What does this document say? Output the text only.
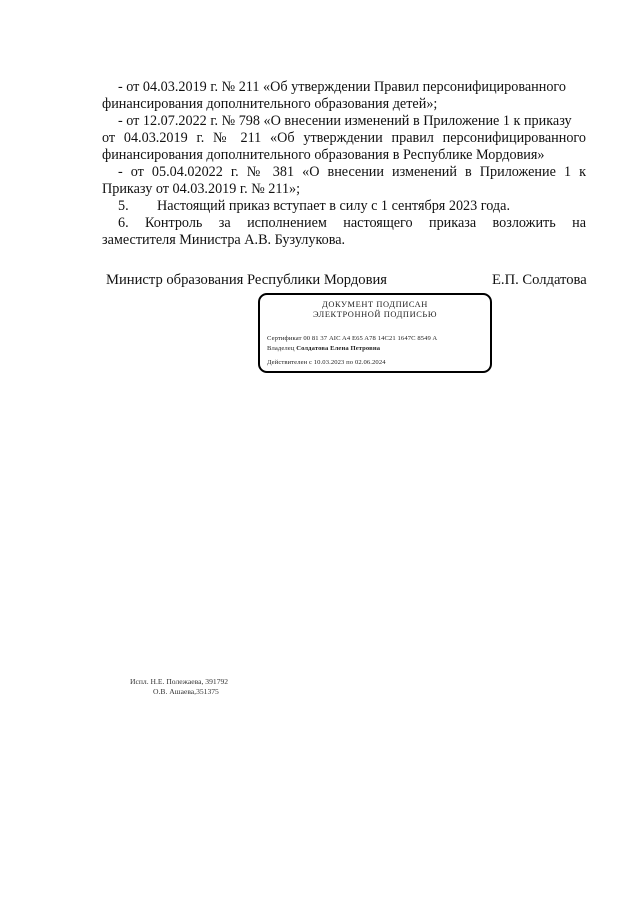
- от 04.03.2019 г. № 211 «Об утверждении Правил персонифицированного
финансирования дополнительного образования детей»;
- от 12.07.2022 г. № 798 «О внесении изменений в Приложение 1 к приказу
от 04.03.2019 г. № 211 «Об утверждении правил персонифицированного
финансирования дополнительного образования в Республике Мордовия»
- от 05.04.02022 г. № 381 «О внесении изменений в Приложение 1 к
Приказу от 04.03.2019 г. № 211»;
5.        Настоящий приказ вступает в силу с 1 сентября 2023 года.
6. Контроль за исполнением настоящего приказа возложить на
заместителя Министра А.В. Бузулукова.
Министр образования Республики Мордовия	Е.П. Солдатова
ДОКУМЕНТ ПОДПИСАН
ЭЛЕКТРОННОЙ ПОДПИСЬЮ
Сертификат 00 81 37 AIC A4 E65 A78 14C21 1647C 8549 A
Владелец Солдатова Елена Петровна
Действителен с 10.03.2023 по 02.06.2024
Испл. Н.Е. Полежаева, 391792
О.В. Ашаева,351375
